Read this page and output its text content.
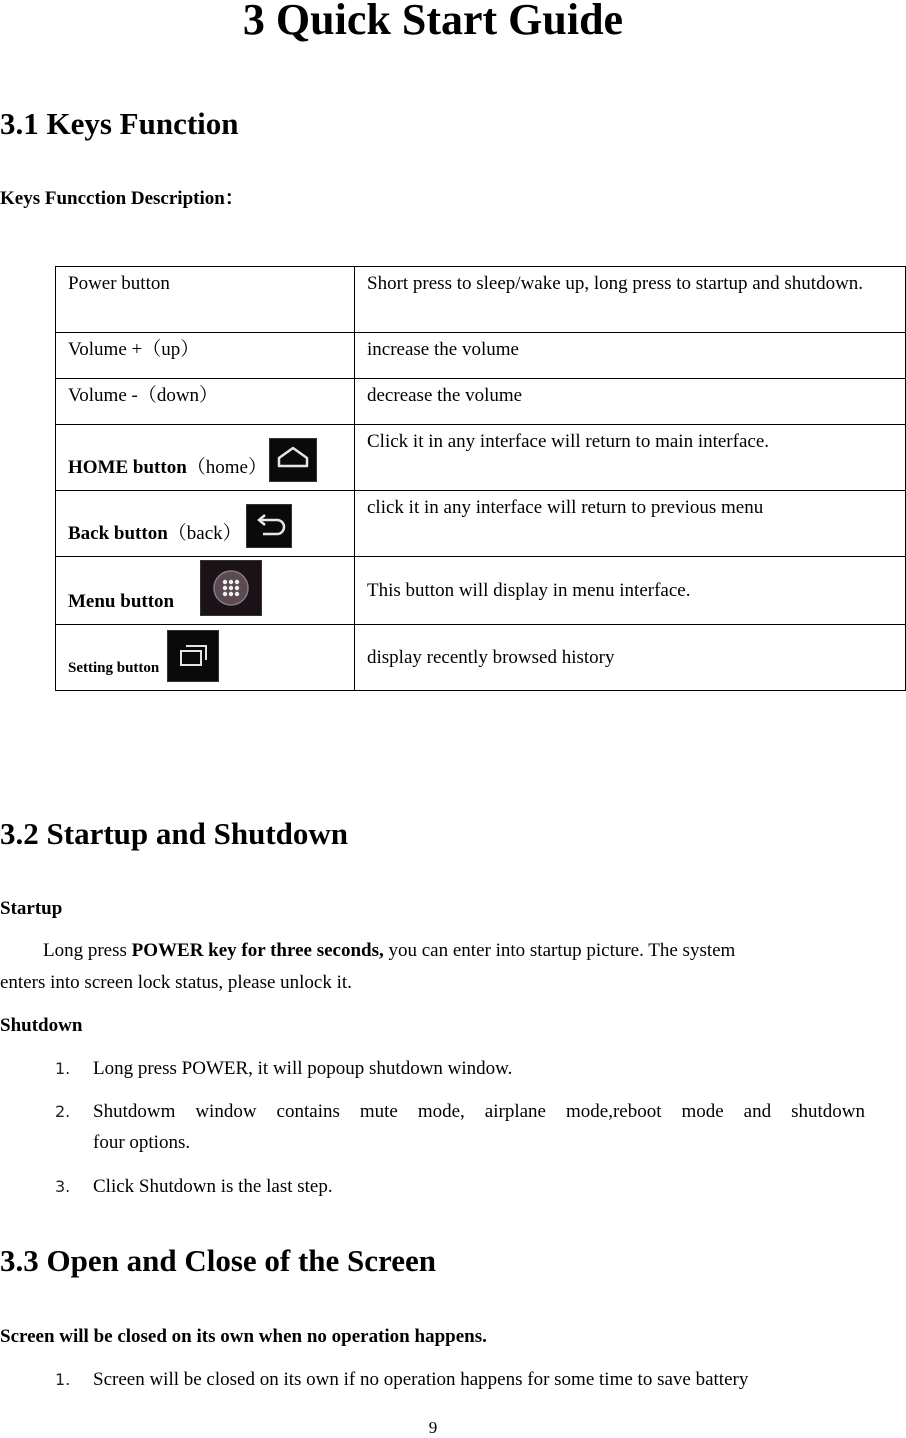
3 Quick Start Guide
3.1 Keys Function
Keys Funcction Description：
Power button	Short press to sleep/wake up, long press to startup and shutdown.
Volume +（up）	increase the volume
Volume -（down）	decrease the volume
HOME button（home）	Click it in any interface will return to main interface.
Back button（back）	click it in any interface will return to previous menu
Menu button	This button will display in menu interface.
Setting button	display recently browsed history
3.2 Startup and Shutdown
Startup
Long press POWER key for three seconds, you can enter into startup picture. The system
enters into screen lock status, please unlock it.
Shutdown
1. Long press POWER, it will popoup shutdown window.
2. Shutdowm window contains mute mode, airplane mode,reboot mode and shutdown
four options.
3. Click Shutdown is the last step.
3.3 Open and Close of the Screen
Screen will be closed on its own when no operation happens.
1. Screen will be closed on its own if no operation happens for some time to save battery
9
